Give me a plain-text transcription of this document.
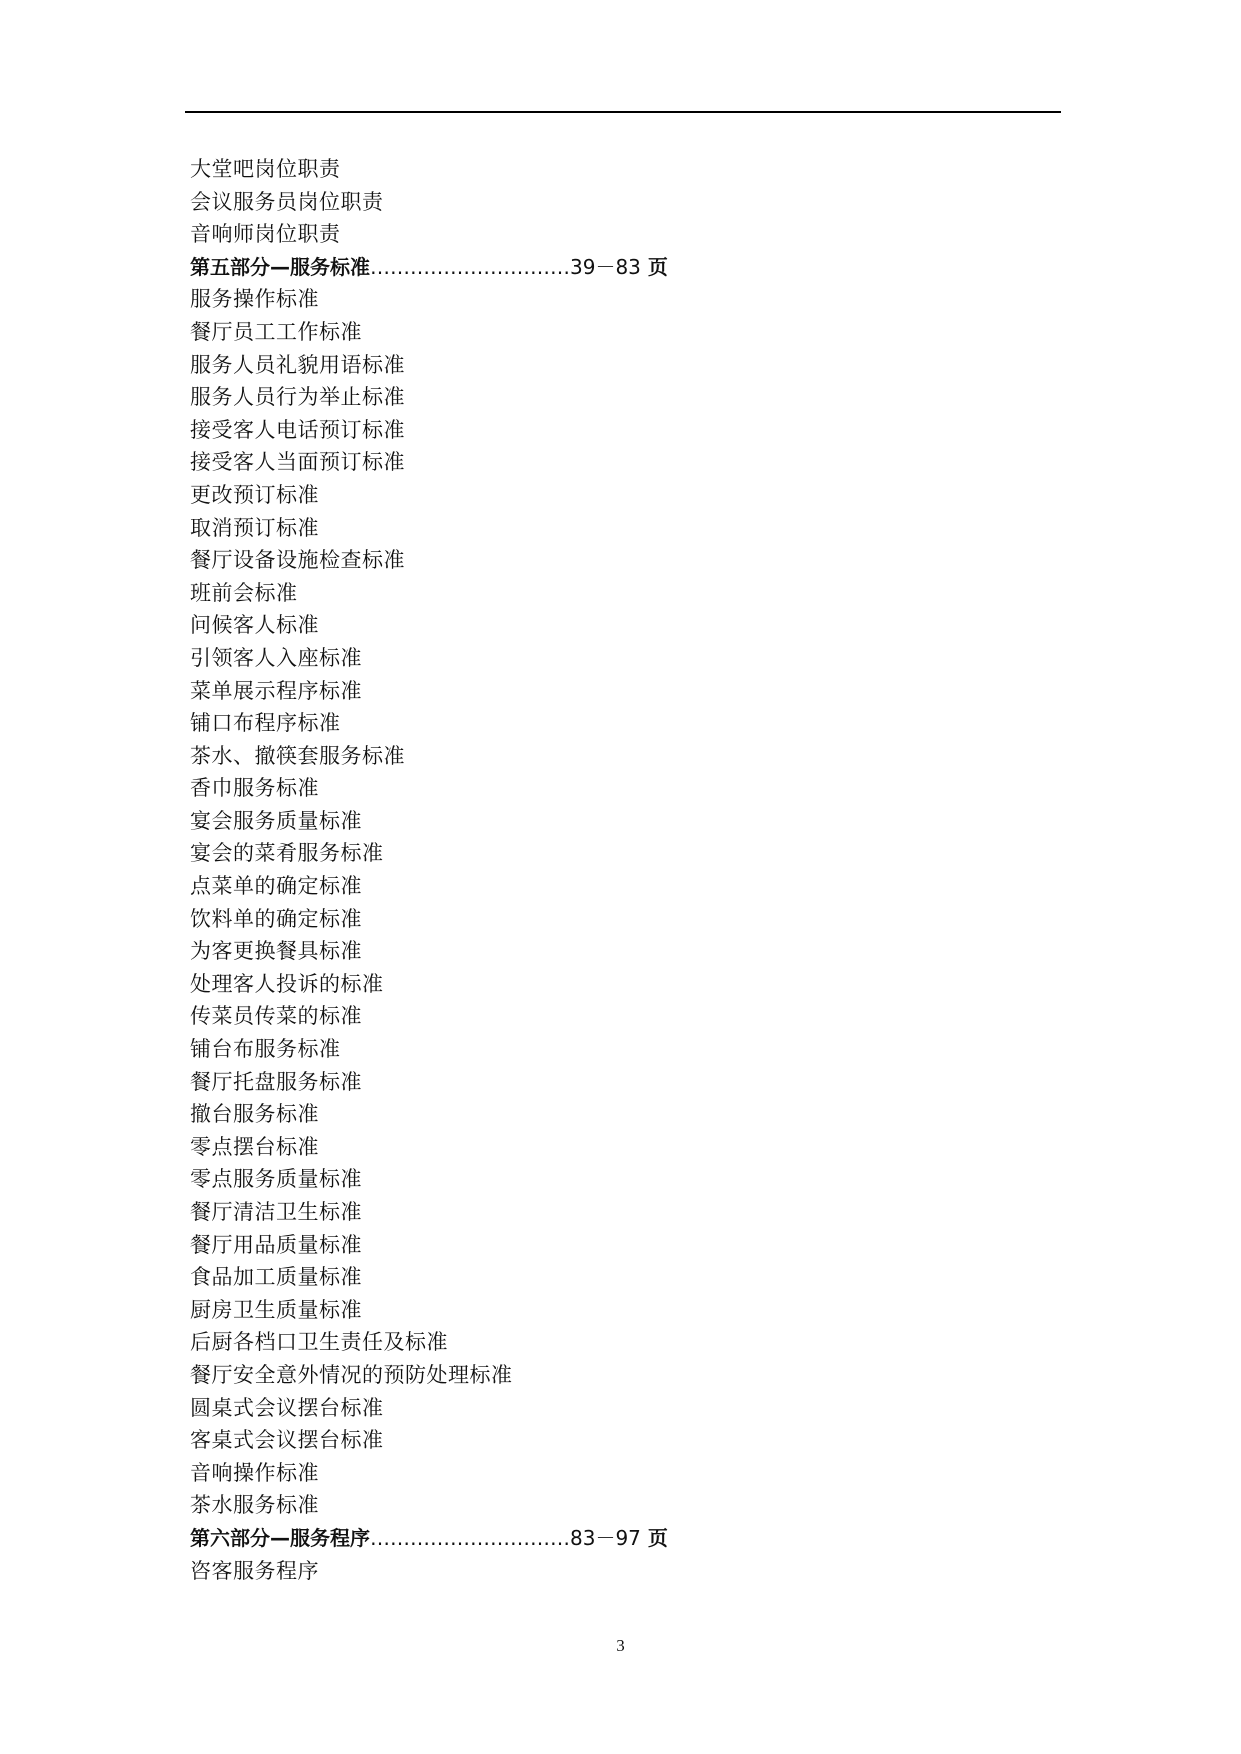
大堂吧岗位职责
会议服务员岗位职责
音响师岗位职责
第五部分—服务标准…………………………39－83 页
服务操作标准
餐厅员工工作标准
服务人员礼貌用语标准
服务人员行为举止标准
接受客人电话预订标准
接受客人当面预订标准
更改预订标准
取消预订标准
餐厅设备设施检查标准
班前会标准
问候客人标准
引领客人入座标准
菜单展示程序标准
铺口布程序标准
茶水、撤筷套服务标准
香巾服务标准
宴会服务质量标准
宴会的菜肴服务标准
点菜单的确定标准
饮料单的确定标准
为客更换餐具标准
处理客人投诉的标准
传菜员传菜的标准
铺台布服务标准
餐厅托盘服务标准
撤台服务标准
零点摆台标准
零点服务质量标准
餐厅清洁卫生标准
餐厅用品质量标准
食品加工质量标准
厨房卫生质量标准
后厨各档口卫生责任及标准
餐厅安全意外情况的预防处理标准
圆桌式会议摆台标准
客桌式会议摆台标准
音响操作标准
茶水服务标准
第六部分—服务程序…………………………83－97 页
咨客服务程序
3
